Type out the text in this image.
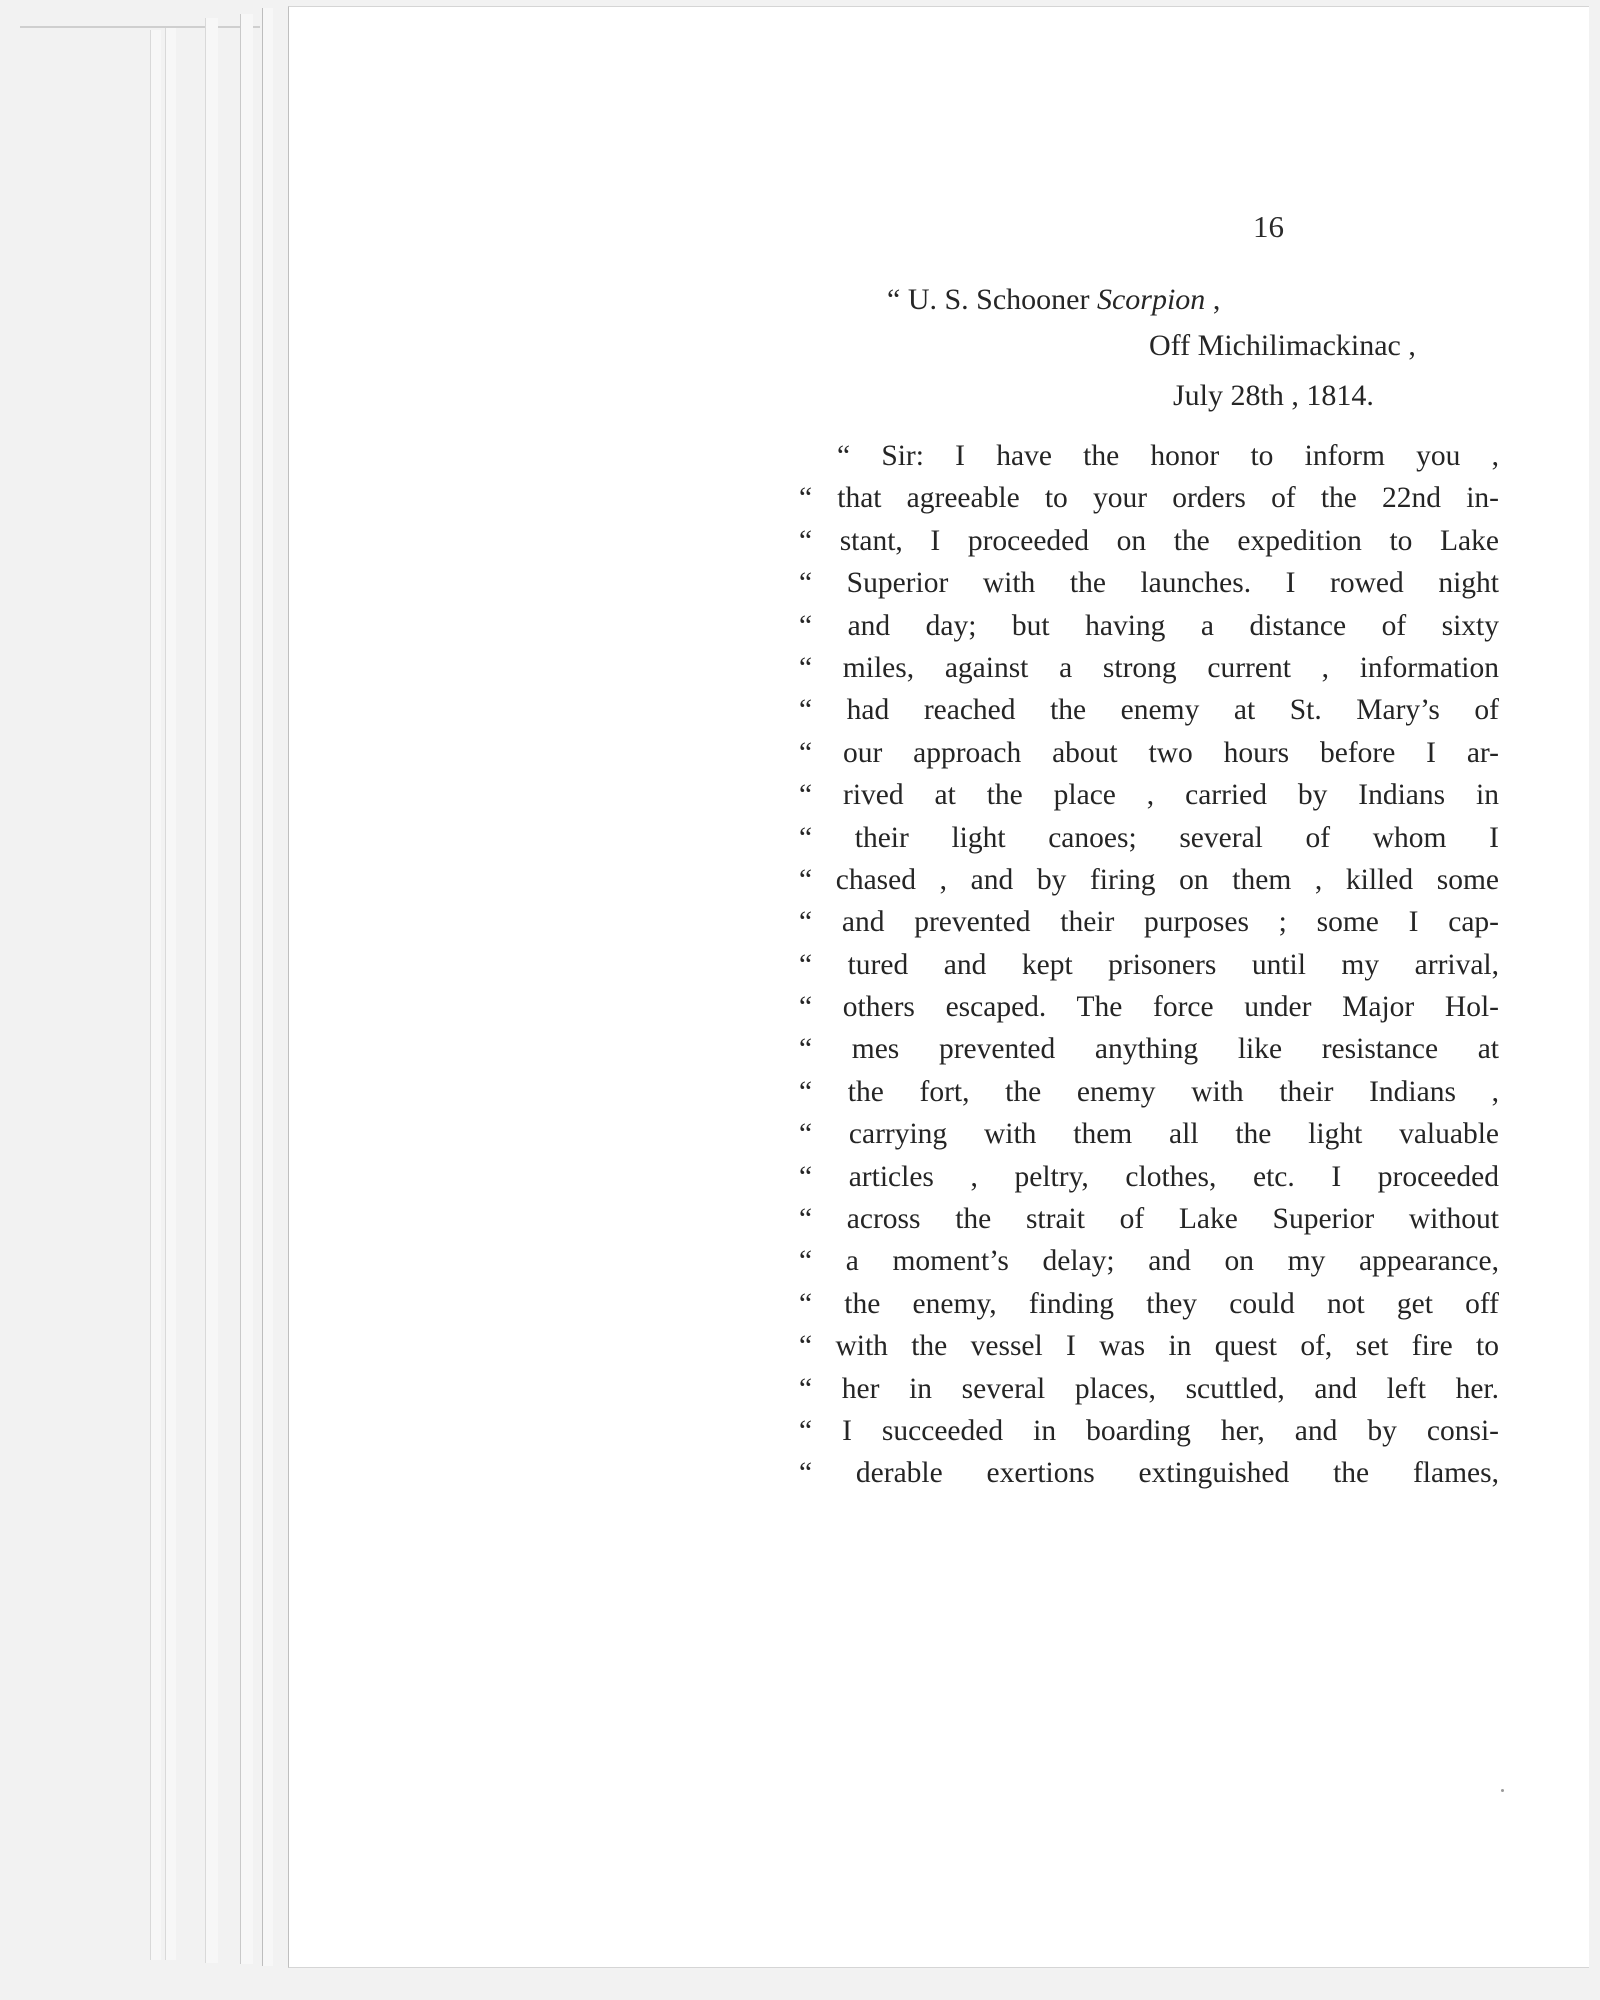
16
“ U. S. Schooner Scorpion ,
Off Michilimackinac ,
July 28th , 1814.
“ Sir: I have the honor to inform you ,
“ that agreeable to your orders of the 22nd in-
“ stant, I proceeded on the expedition to Lake
“ Superior with the launches. I rowed night
“ and day; but having a distance of sixty
“ miles, against a strong current , information
“ had reached the enemy at St. Mary’s of
“ our approach about two hours before I ar-
“ rived at the place , carried by Indians in
“ their light canoes; several of whom I
“ chased , and by firing on them , killed some
“ and prevented their purposes ; some I cap-
“ tured and kept prisoners until my arrival,
“ others escaped. The force under Major Hol-
“ mes prevented anything like resistance at
“ the fort, the enemy with their Indians ,
“ carrying with them all the light valuable
“ articles , peltry, clothes, etc. I proceeded
“ across the strait of Lake Superior without
“ a moment’s delay; and on my appearance,
“ the enemy, finding they could not get off
“ with the vessel I was in quest of, set fire to
“ her in several places, scuttled, and left her.
“ I succeeded in boarding her, and by consi-
“ derable exertions extinguished the flames,
